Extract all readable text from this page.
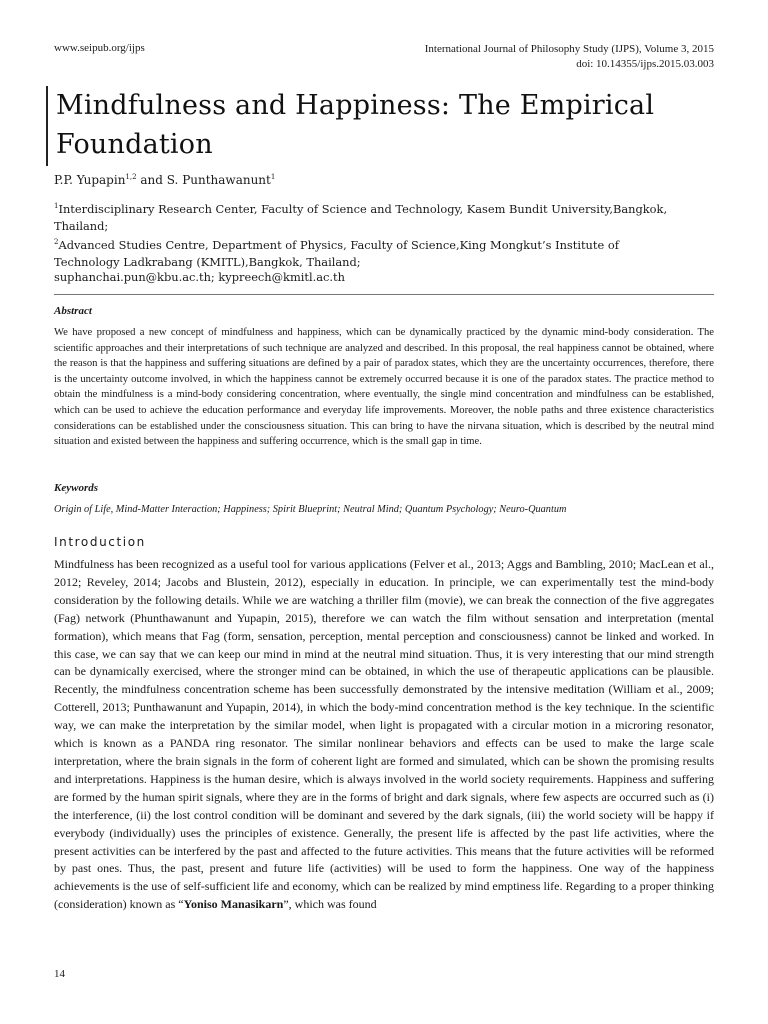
www.seipub.org/ijps	International Journal of Philosophy Study (IJPS), Volume 3, 2015
doi: 10.14355/ijps.2015.03.003
Mindfulness and Happiness: The Empirical Foundation
P.P. Yupapin$^{1,2}$ and S. Punthawanunt$^1$
$^1$Interdisciplinary Research Center, Faculty of Science and Technology, Kasem Bundit University,Bangkok, Thailand;
$^2$Advanced Studies Centre, Department of Physics, Faculty of Science,King Mongkut’s Institute of Technology Ladkrabang (KMITL),Bangkok, Thailand;
suphanchai.pun@kbu.ac.th; kypreech@kmitl.ac.th
Abstract
We have proposed a new concept of mindfulness and happiness, which can be dynamically practiced by the dynamic mind-body consideration. The scientific approaches and their interpretations of such technique are analyzed and described. In this proposal, the real happiness cannot be obtained, where the reason is that the happiness and suffering situations are defined by a pair of paradox states, which they are the uncertainty occurrences, therefore, there is the uncertainty outcome involved, in which the happiness cannot be extremely occurred because it is one of the paradox states. The practice method to obtain the mindfulness is a mind-body considering concentration, where eventually, the single mind concentration and mindfulness can be established, which can be used to achieve the education performance and everyday life improvements. Moreover, the noble paths and three existence characteristics considerations can be established under the consciousness situation. This can bring to have the nirvana situation, which is described by the neutral mind situation and existed between the happiness and suffering occurrence, which is the small gap in time.
Keywords
Origin of Life, Mind-Matter Interaction; Happiness; Spirit Blueprint; Neutral Mind; Quantum Psychology; Neuro-Quantum
Introduction
Mindfulness has been recognized as a useful tool for various applications (Felver et al., 2013; Aggs and Bambling, 2010; MacLean et al., 2012; Reveley, 2014; Jacobs and Blustein, 2012), especially in education. In principle, we can experimentally test the mind-body consideration by the following details. While we are watching a thriller film (movie), we can break the connection of the five aggregates (Fag) network (Phunthawanunt and Yupapin, 2015), therefore we can watch the film without sensation and interpretation (mental formation), which means that Fag (form, sensation, perception, mental perception and consciousness) cannot be linked and worked. In this case, we can say that we can keep our mind in mind at the neutral mind situation. Thus, it is very interesting that our mind strength can be dynamically exercised, where the stronger mind can be obtained, in which the use of therapeutic applications can be plausible. Recently, the mindfulness concentration scheme has been successfully demonstrated by the intensive meditation (William et al., 2009; Cotterell, 2013; Punthawanunt and Yupapin, 2014), in which the body-mind concentration method is the key technique. In the scientific way, we can make the interpretation by the similar model, when light is propagated with a circular motion in a microring resonator, which is known as a PANDA ring resonator. The similar nonlinear behaviors and effects can be used to make the large scale interpretation, where the brain signals in the form of coherent light are formed and simulated, which can be shown the promising results and interpretations. Happiness is the human desire, which is always involved in the world society requirements. Happiness and suffering are formed by the human spirit signals, where they are in the forms of bright and dark signals, where few aspects are occurred such as (i) the interference, (ii) the lost control condition will be dominant and severed by the dark signals, (iii) the world society will be happy if everybody (individually) uses the principles of existence. Generally, the present life is affected by the past life activities, where the present activities can be interfered by the past and affected to the future activities. This means that the future activities will be reformed by past ones. Thus, the past, present and future life (activities) will be used to form the happiness. One way of the happiness achievements is the use of self-sufficient life and economy, which can be realized by mind emptiness life. Regarding to a proper thinking (consideration) known as “Yoniso Manasikarn”, which was found
14
